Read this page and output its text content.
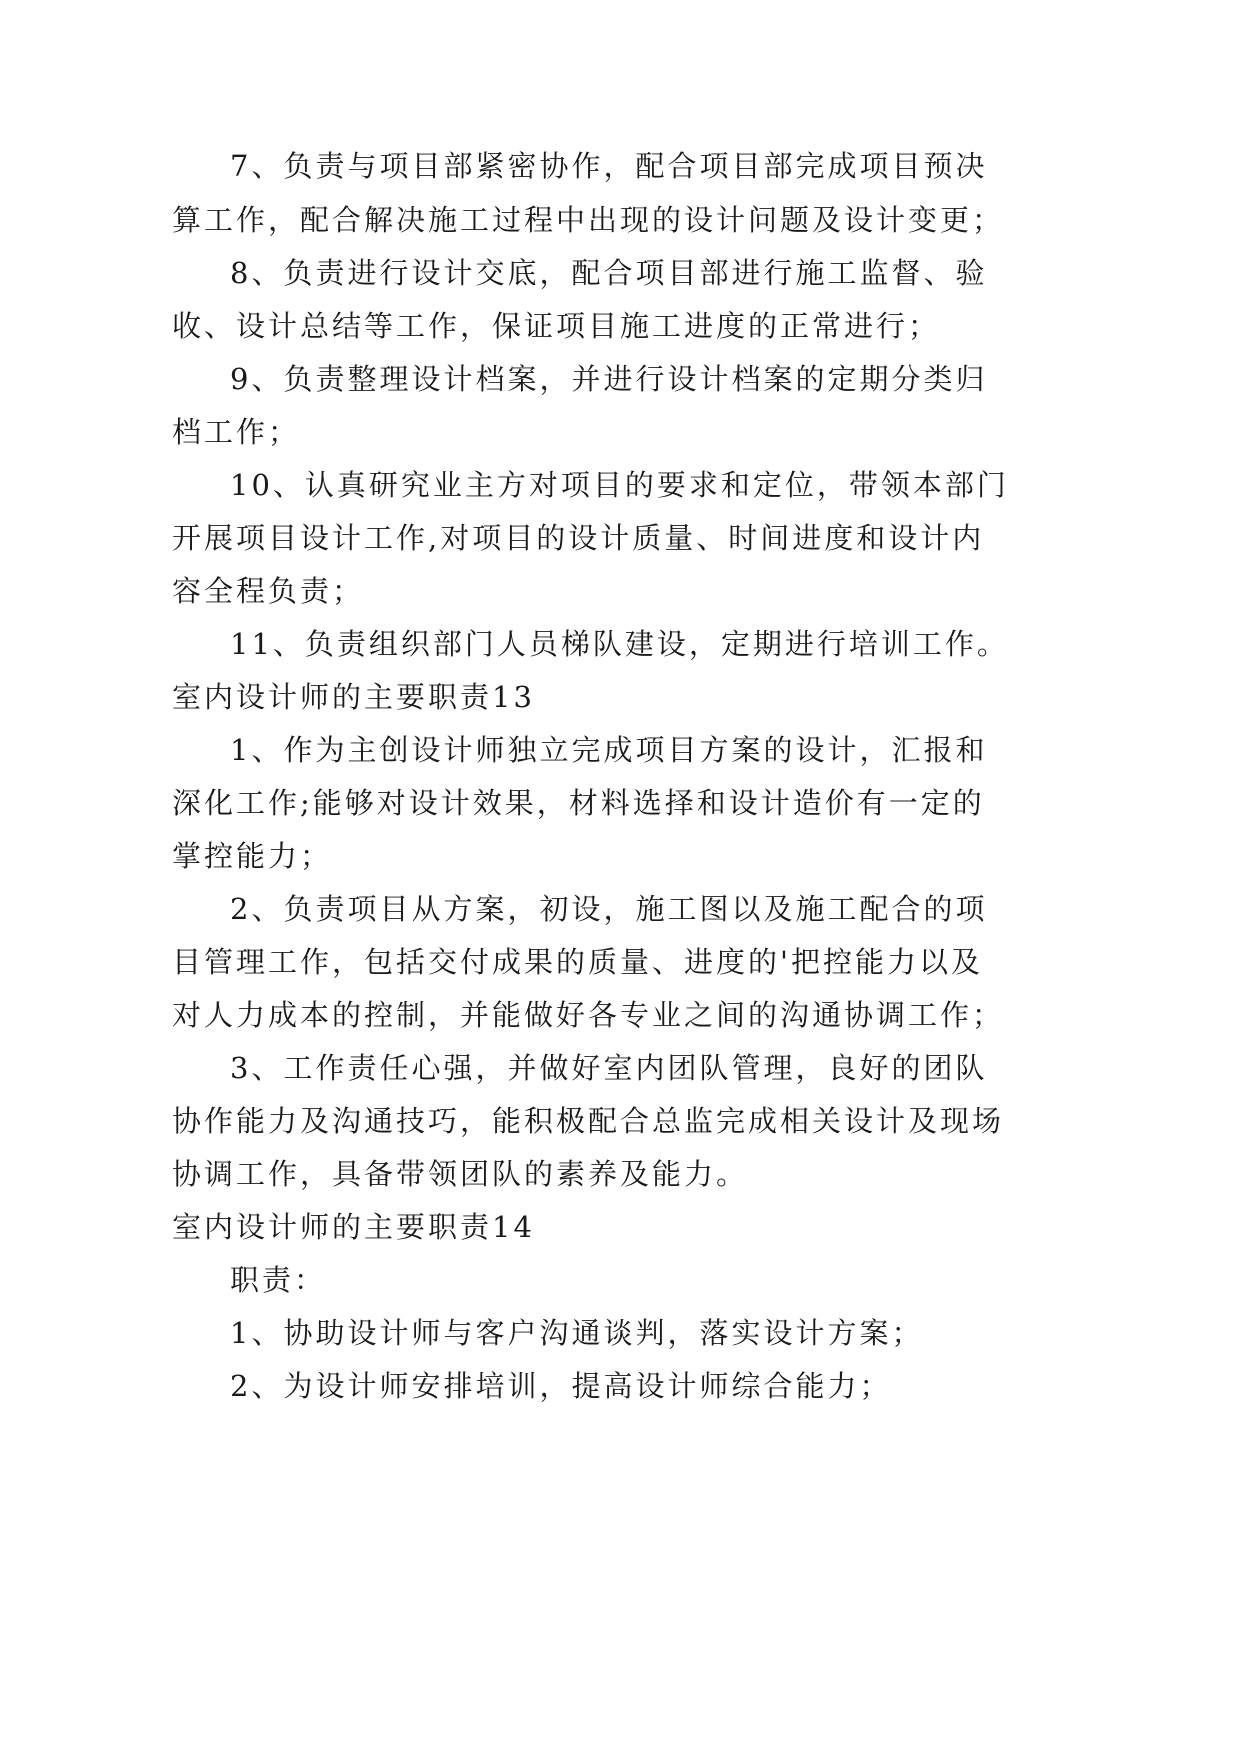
7、负责与项目部紧密协作，配合项目部完成项目预决
算工作，配合解决施工过程中出现的设计问题及设计变更；
8、负责进行设计交底，配合项目部进行施工监督、验
收、设计总结等工作，保证项目施工进度的正常进行；
9、负责整理设计档案，并进行设计档案的定期分类归
档工作；
10、认真研究业主方对项目的要求和定位，带领本部门
开展项目设计工作,对项目的设计质量、时间进度和设计内
容全程负责；
11、负责组织部门人员梯队建设，定期进行培训工作。
室内设计师的主要职责13
1、作为主创设计师独立完成项目方案的设计，汇报和
深化工作;能够对设计效果，材料选择和设计造价有一定的
掌控能力；
2、负责项目从方案，初设，施工图以及施工配合的项
目管理工作，包括交付成果的质量、进度的'把控能力以及
对人力成本的控制，并能做好各专业之间的沟通协调工作；
3、工作责任心强，并做好室内团队管理，良好的团队
协作能力及沟通技巧，能积极配合总监完成相关设计及现场
协调工作，具备带领团队的素养及能力。
室内设计师的主要职责14
职责：
1、协助设计师与客户沟通谈判，落实设计方案；
2、为设计师安排培训，提高设计师综合能力；
